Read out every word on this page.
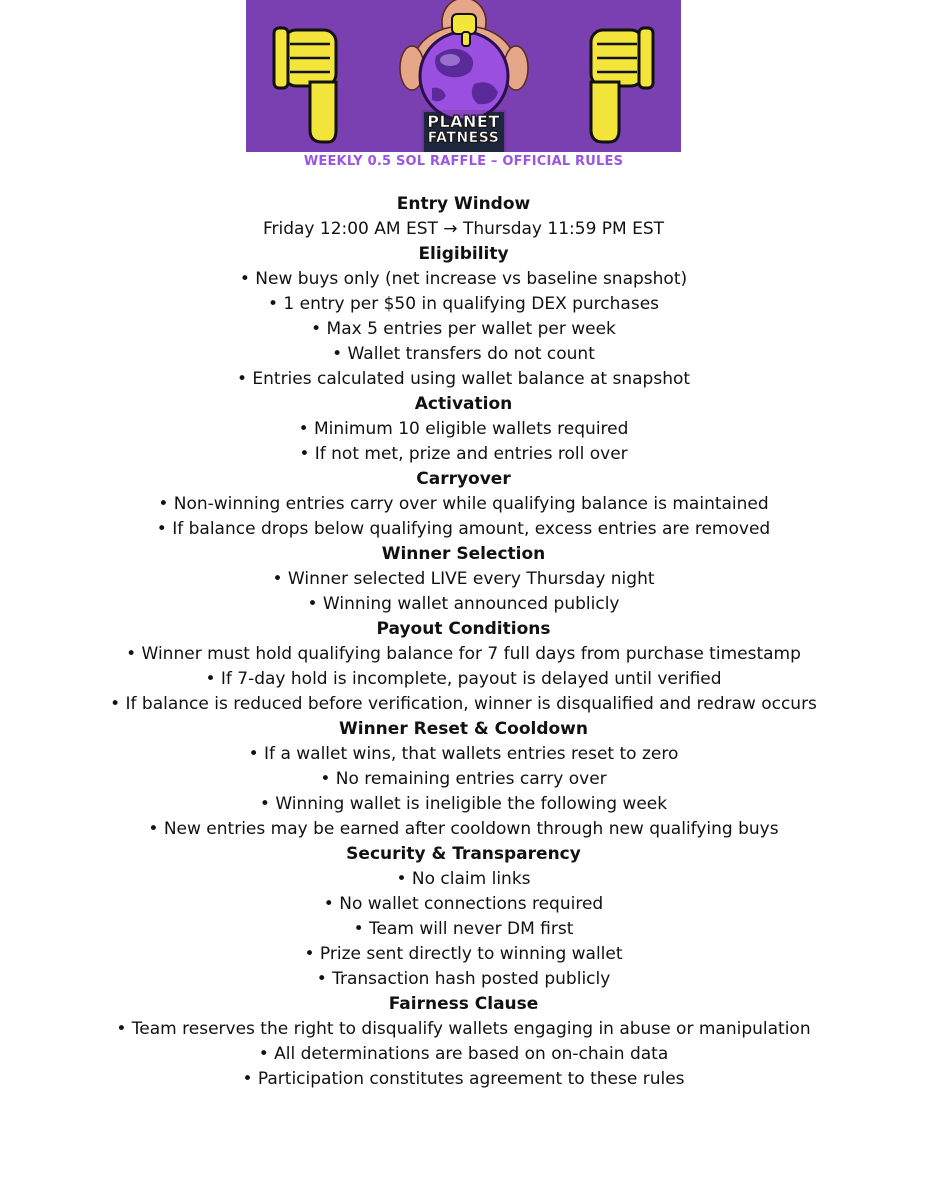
PLANET
FATNESS
WEEKLY 0.5 SOL RAFFLE – OFFICIAL RULES
Entry Window
Friday 12:00 AM EST → Thursday 11:59 PM EST
Eligibility
• New buys only (net increase vs baseline snapshot)
• 1 entry per $50 in qualifying DEX purchases
• Max 5 entries per wallet per week
• Wallet transfers do not count
• Entries calculated using wallet balance at snapshot
Activation
• Minimum 10 eligible wallets required
• If not met, prize and entries roll over
Carryover
• Non-winning entries carry over while qualifying balance is maintained
• If balance drops below qualifying amount, excess entries are removed
Winner Selection
• Winner selected LIVE every Thursday night
• Winning wallet announced publicly
Payout Conditions
• Winner must hold qualifying balance for 7 full days from purchase timestamp
• If 7-day hold is incomplete, payout is delayed until verified
• If balance is reduced before verification, winner is disqualified and redraw occurs
Winner Reset & Cooldown
• If a wallet wins, that wallets entries reset to zero
• No remaining entries carry over
• Winning wallet is ineligible the following week
• New entries may be earned after cooldown through new qualifying buys
Security & Transparency
• No claim links
• No wallet connections required
• Team will never DM first
• Prize sent directly to winning wallet
• Transaction hash posted publicly
Fairness Clause
• Team reserves the right to disqualify wallets engaging in abuse or manipulation
• All determinations are based on on-chain data
• Participation constitutes agreement to these rules
